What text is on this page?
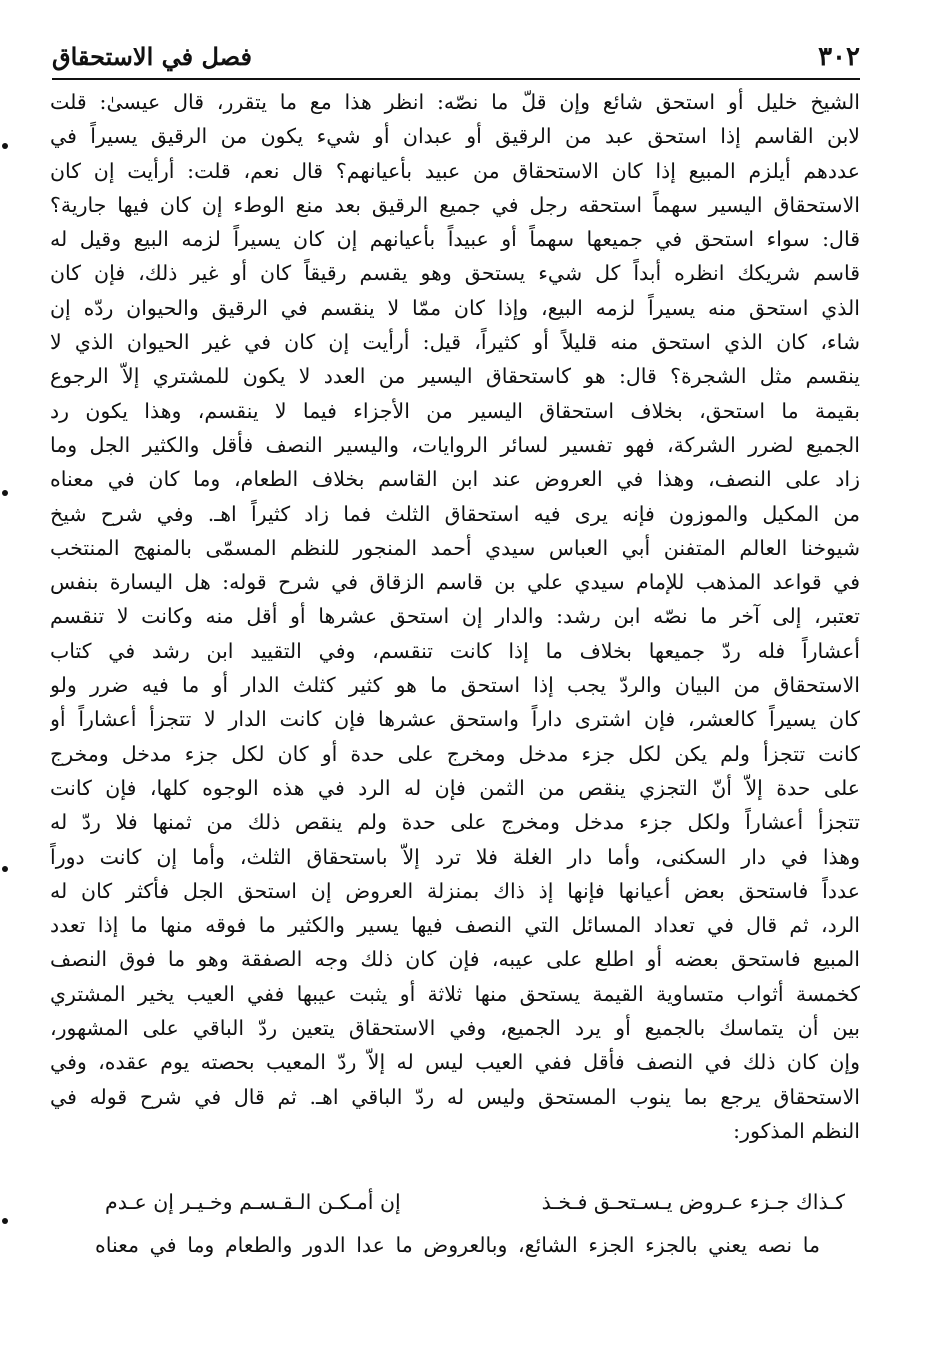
٣٠٢
فصل في الاستحقاق
الشيخ خليل أو استحق شائع وإن قلّ ما نصّه: انظر هذا مع ما يتقرر، قال عيسىٰ: قلت
لابن القاسم إذا استحق عبد من الرقيق أو عبدان أو شيء يكون من الرقيق يسيراً في
عددهم أيلزم المبيع إذا كان الاستحقاق من عبيد بأعيانهم؟ قال نعم، قلت: أرأيت إن كان
الاستحقاق اليسير سهماً استحقه رجل في جميع الرقيق بعد منع الوطء إن كان فيها جارية؟
قال: سواء استحق في جميعها سهماً أو عبيداً بأعيانهم إن كان يسيراً لزمه البيع وقيل له
قاسم شريكك انظره أبداً كل شيء يستحق وهو يقسم رقيقاً كان أو غير ذلك، فإن كان
الذي استحق منه يسيراً لزمه البيع، وإذا كان ممّا لا ينقسم في الرقيق والحيوان ردّه إن
شاء، كان الذي استحق منه قليلاً أو كثيراً، قيل: أرأيت إن كان في غير الحيوان الذي لا
ينقسم مثل الشجرة؟ قال: هو كاستحقاق اليسير من العدد لا يكون للمشتري إلاّ الرجوع
بقيمة ما استحق، بخلاف استحقاق اليسير من الأجزاء فيما لا ينقسم، وهذا يكون رد
الجميع لضرر الشركة، فهو تفسير لسائر الروايات، واليسير النصف فأقل والكثير الجل وما
زاد على النصف، وهذا في العروض عند ابن القاسم بخلاف الطعام، وما كان في معناه
من المكيل والموزون فإنه يرى فيه استحقاق الثلث فما زاد كثيراً اهـ. وفي شرح شيخ
شيوخنا العالم المتفنن أبي العباس سيدي أحمد المنجور للنظم المسمّى بالمنهج المنتخب
في قواعد المذهب للإمام سيدي علي بن قاسم الزقاق في شرح قوله: هل اليسارة بنفس
تعتبر، إلى آخر ما نصّه ابن رشد: والدار إن استحق عشرها أو أقل منه وكانت لا تنقسم
أعشاراً فله ردّ جميعها بخلاف ما إذا كانت تنقسم، وفي التقييد ابن رشد في كتاب
الاستحقاق من البيان والردّ يجب إذا استحق ما هو كثير كثلث الدار أو ما فيه ضرر ولو
كان يسيراً كالعشر، فإن اشترى داراً واستحق عشرها فإن كانت الدار لا تتجزأ أعشاراً أو
كانت تتجزأ ولم يكن لكل جزء مدخل ومخرج على حدة أو كان لكل جزء مدخل ومخرج
على حدة إلاّ أنّ التجزي ينقص من الثمن فإن له الرد في هذه الوجوه كلها، فإن كانت
تتجزأ أعشاراً ولكل جزء مدخل ومخرج على حدة ولم ينقص ذلك من ثمنها فلا ردّ له
وهذا في دار السكنى، وأما دار الغلة فلا ترد إلاّ باستحقاق الثلث، وأما إن كانت دوراً
عدداً فاستحق بعض أعيانها فإنها إذ ذاك بمنزلة العروض إن استحق الجل فأكثر كان له
الرد، ثم قال في تعداد المسائل التي النصف فيها يسير والكثير ما فوقه منها ما إذا تعدد
المبيع فاستحق بعضه أو اطلع على عيبه، فإن كان ذلك وجه الصفقة وهو ما فوق النصف
كخمسة أثواب متساوية القيمة يستحق منها ثلاثة أو يثبت عيبها ففي العيب يخير المشتري
بين أن يتماسك بالجميع أو يرد الجميع، وفي الاستحقاق يتعين ردّ الباقي على المشهور،
وإن كان ذلك في النصف فأقل ففي العيب ليس له إلاّ ردّ المعيب بحصته يوم عقده، وفي
الاستحقاق يرجع بما ينوب المستحق وليس له ردّ الباقي اهـ. ثم قال في شرح قوله في
النظم المذكور:
كـذاك جـزء عـروض يـسـتحـق فـخـذ
إن أمـكـن الـقـسـم وخـيـر إن عـدم
ما نصه يعني بالجزء الجزء الشائع، وبالعروض ما عدا الدور والطعام وما في معناه
